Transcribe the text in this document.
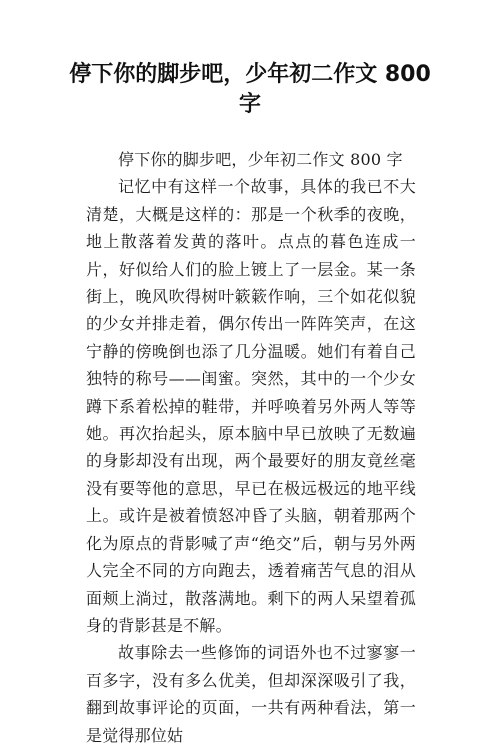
停下你的脚步吧，少年初二作文 800 字

停下你的脚步吧，少年初二作文 800 字

记忆中有这样一个故事，具体的我已不大清楚，大概是这样的：那是一个秋季的夜晚，地上散落着发黄的落叶。点点的暮色连成一片，好似给人们的脸上镀上了一层金。某一条街上，晚风吹得树叶簌簌作响，三个如花似貌的少女并排走着，偶尔传出一阵阵笑声，在这宁静的傍晚倒也添了几分温暖。她们有着自己独特的称号——闺蜜。突然，其中的一个少女蹲下系着松掉的鞋带，并呼唤着另外两人等等她。再次抬起头，原本脑中早已放映了无数遍的身影却没有出现，两个最要好的朋友竟丝毫没有要等他的意思，早已在极远极远的地平线上。或许是被着愤怒冲昏了头脑，朝着那两个化为原点的背影喊了声“绝交”后，朝与另外两人完全不同的方向跑去，透着痛苦气息的泪从面颊上淌过，散落满地。剩下的两人呆望着孤身的背影甚是不解。

故事除去一些修饰的词语外也不过寥寥一百多字，没有多么优美，但却深深吸引了我，翻到故事评论的页面，一共有两种看法，第一是觉得那位姑
